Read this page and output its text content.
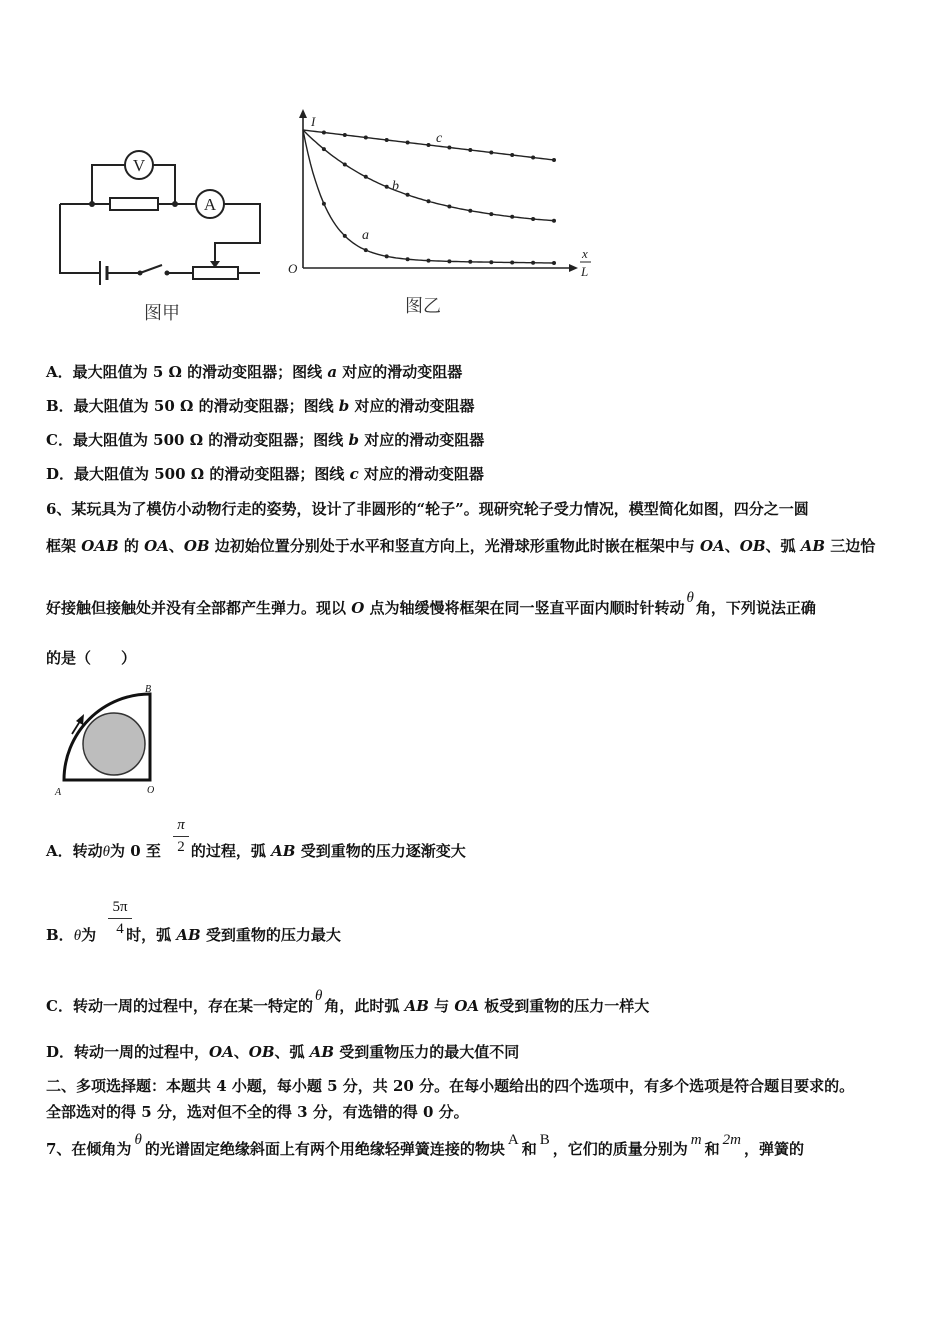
V
A
图甲
I
O
x
L
c
b
a
图乙
A．最大阻值为 5 Ω 的滑动变阻器；图线 a 对应的滑动变阻器
B．最大阻值为 50 Ω 的滑动变阻器；图线 b 对应的滑动变阻器
C．最大阻值为 500 Ω 的滑动变阻器；图线 b 对应的滑动变阻器
D．最大阻值为 500 Ω 的滑动变阻器；图线 c 对应的滑动变阻器
6、某玩具为了模仿小动物行走的姿势，设计了非圆形的“轮子”。现研究轮子受力情况，模型简化如图，四分之一圆
框架 OAB 的 OA、OB 边初始位置分别处于水平和竖直方向上，光滑球形重物此时嵌在框架中与 OA、OB、弧 AB 三边恰
好接触但接触处并没有全部都产生弹力。现以 O 点为轴缓慢将框架在同一竖直平面内顺时针转动θ角，下列说法正确
的是（　　）
B
A	O
A．转动θ为 0 至 的过程，弧 AB 受到重物的压力逐渐变大
π
2
B．θ为 时，弧 AB 受到重物的压力最大
5π
4
C．转动一周的过程中，存在某一特定的θ角，此时弧 AB 与 OA 板受到重物的压力一样大
D．转动一周的过程中，OA、OB、弧 AB 受到重物压力的最大值不同
二、多项选择题：本题共 4 小题，每小题 5 分，共 20 分。在每小题给出的四个选项中，有多个选项是符合题目要求的。
全部选对的得 5 分，选对但不全的得 3 分，有选错的得 0 分。
7、在倾角为 θ 的光谱固定绝缘斜面上有两个用绝缘轻弹簧连接的物块 A 和 B ，它们的质量分别为 m 和 2m ，弹簧的
